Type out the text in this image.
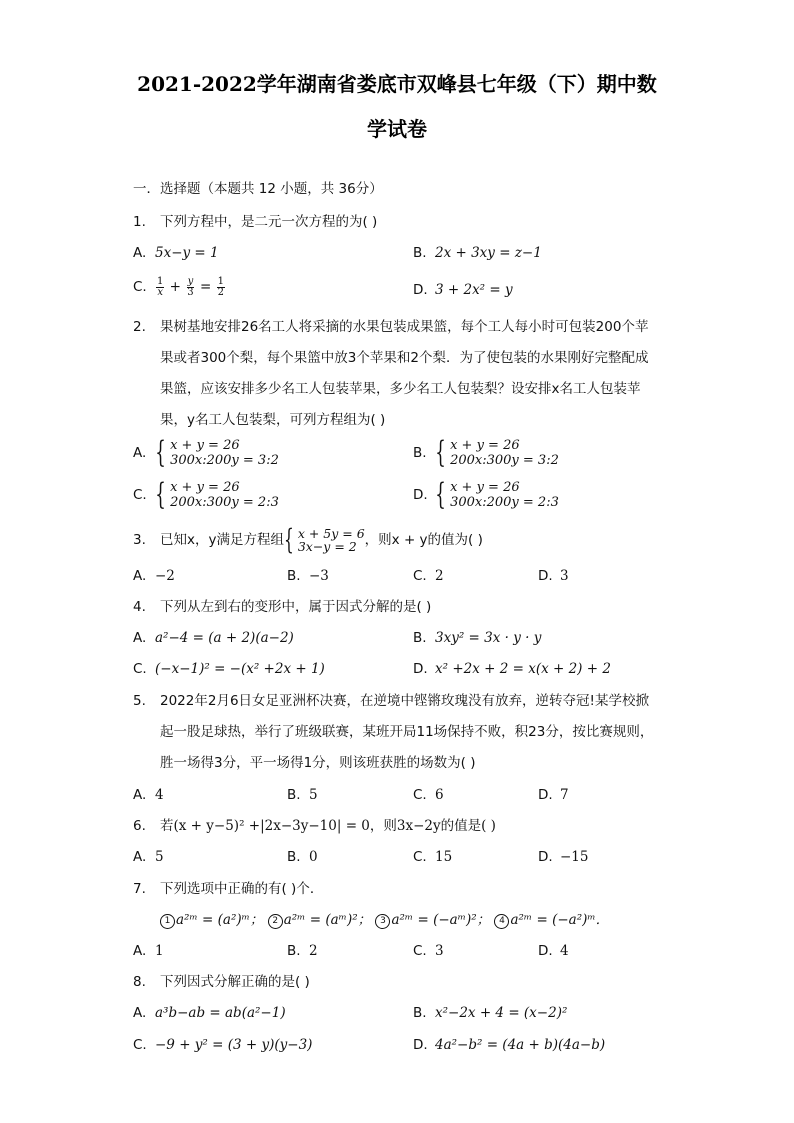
2021-2022学年湖南省娄底市双峰县七年级（下）期中数
学试卷
一．选择题（本题共 12 小题，共 36分）
1. 下列方程中，是二元一次方程的为( )
A. 5x−y = 1	B. 2x + 3xy = z−1
C. $\frac{1}{x} + \frac{y}{3} = \frac{1}{2}$	D. 3 + 2x² = y
2. 果树基地安排26名工人将采摘的水果包装成果篮，每个工人每小时可包装200个苹
果或者300个梨，每个果篮中放3个苹果和2个梨．为了使包装的水果刚好完整配成
果篮，应该安排多少名工人包装苹果，多少名工人包装梨？设安排x名工人包装苹
果，y名工人包装梨，可列方程组为( )
A. { x + y = 26
300x:200y = 3:2	B. { x + y = 26
200x:300y = 3:2
C. { x + y = 26
200x:300y = 2:3	D. { x + y = 26
300x:200y = 2:3
3. 已知x，y满足方程组 { x + 5y = 6
3x−y = 2 ，则x + y的值为( )
A. −2	B. −3	C. 2	D. 3
4. 下列从左到右的变形中，属于因式分解的是( )
A. a²−4 = (a + 2)(a−2)	B. 3xy² = 3x · y · y
C. (−x−1)² = −(x² +2x + 1)	D. x² +2x + 2 = x(x + 2) + 2
5. 2022年2月6日女足亚洲杯决赛，在逆境中铿锵玫瑰没有放弃，逆转夺冠!某学校掀
起一股足球热，举行了班级联赛，某班开局11场保持不败，积23分，按比赛规则，
胜一场得3分，平一场得1分，则该班获胜的场数为( )
A. 4	B. 5	C. 6	D. 7
6. 若(x + y−5)² +|2x−3y−10| = 0，则3x−2y的值是( )
A. 5	B. 0	C. 15	D. −15
7. 下列选项中正确的有( )个．
1 a²ᵐ = (a²)ᵐ； 2 a²ᵐ = (aᵐ)²； 3 a²ᵐ = (−aᵐ)²； 4 a²ᵐ = (−a²)ᵐ．
A. 1	B. 2	C. 3	D. 4
8. 下列因式分解正确的是( )
A. a³b−ab = ab(a²−1)	B. x²−2x + 4 = (x−2)²
C. −9 + y² = (3 + y)(y−3)	D. 4a²−b² = (4a + b)(4a−b)
